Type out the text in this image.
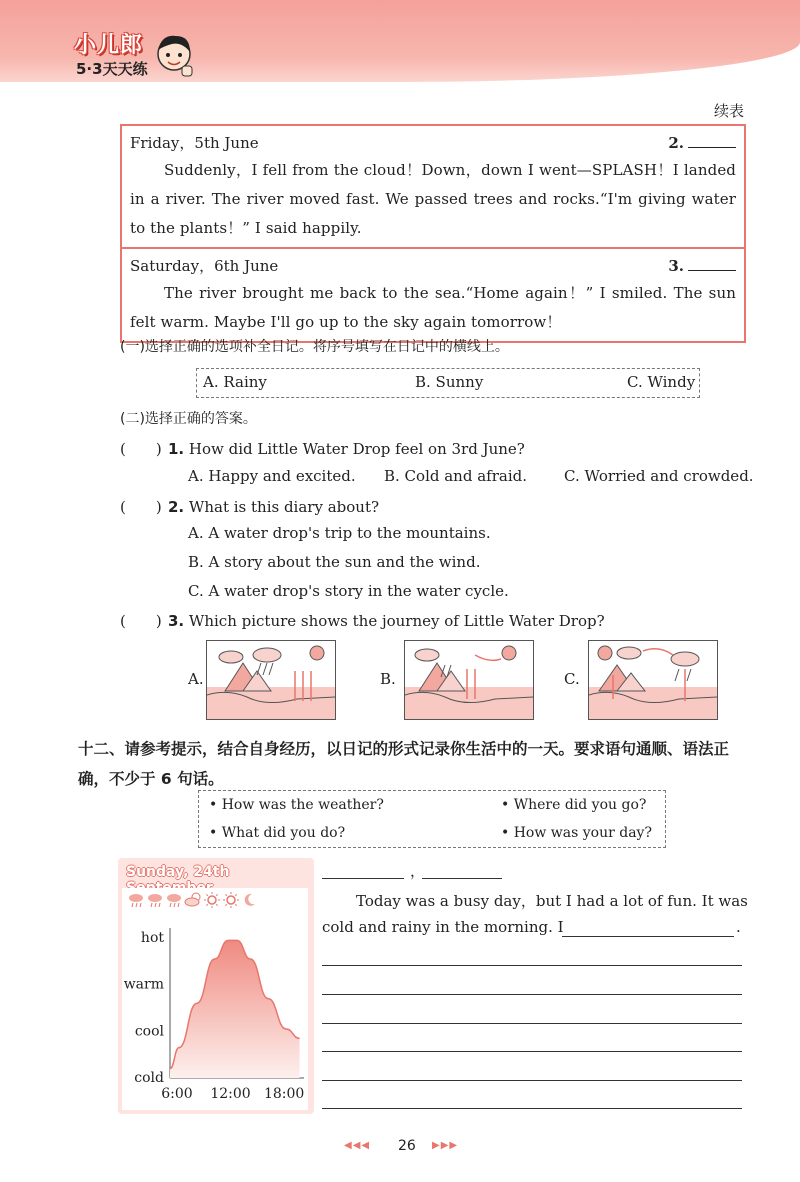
小儿郎
5·3天天练
续表
Friday，5th June	2.
Suddenly，I fell from the cloud！Down，down I went—SPLASH！I landed in a river. The river moved fast. We passed trees and rocks.“I'm giving water to the plants！” I said happily.
Saturday，6th June	3.
The river brought me back to the sea.“Home again！” I smiled. The sun felt warm. Maybe I'll go up to the sky again tomorrow！
(一)选择正确的选项补全日记。将序号填写在日记中的横线上。
A. Rainy	B. Sunny	C. Windy
(二)选择正确的答案。
(　　) 1. How did Little Water Drop feel on 3rd June?
A. Happy and excited. B. Cold and afraid. C. Worried and crowded.
(　　) 2. What is this diary about?
A. A water drop's trip to the mountains.
B. A story about the sun and the wind.
C. A water drop's story in the water cycle.
(　　) 3. Which picture shows the journey of Little Water Drop?
A.	B.	C.
十二、请参考提示，结合自身经历，以日记的形式记录你生活中的一天。要求语句通顺、语法正确，不少于 6 句话。
• How was the weather?	• Where did you go?
• What did you do?	• How was your day?
Sunday, 24th
cold
cool
warm
hot
6:00 12:00 18:00
，
Today was a busy day，but I had a lot of fun. It was
cold and rainy in the morning. I	.
◀◀◀ 26 ▶▶▶
